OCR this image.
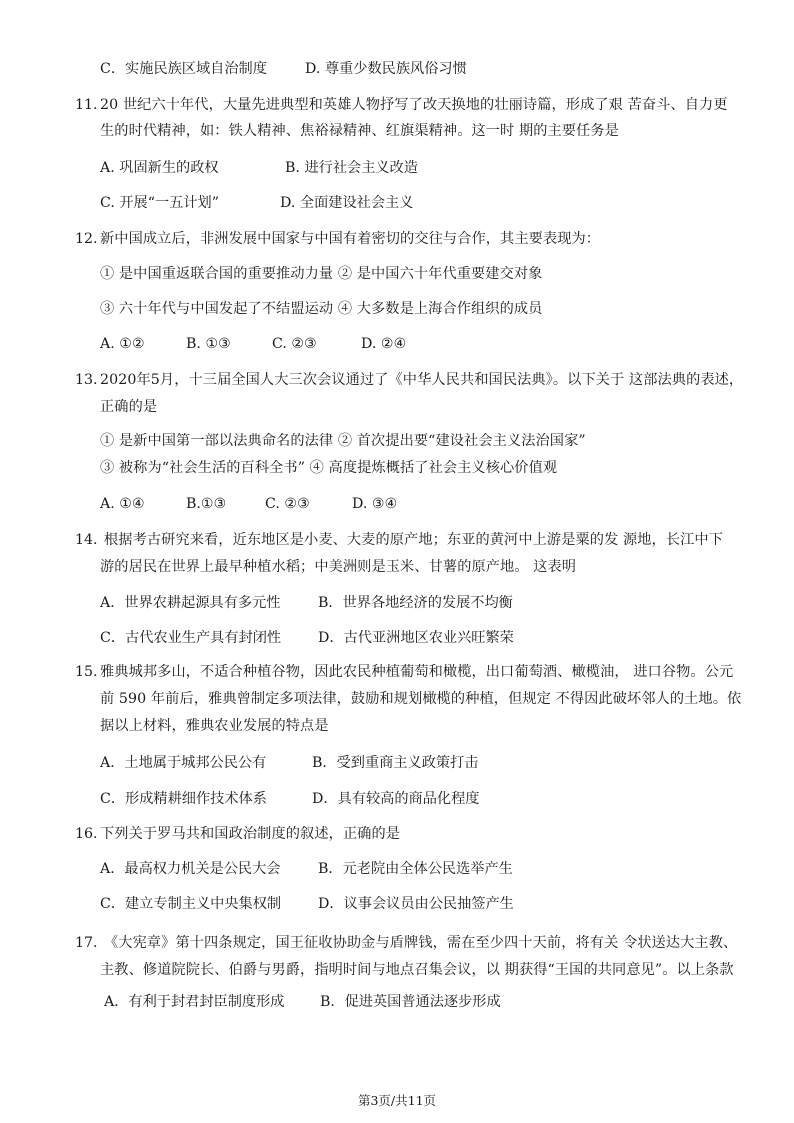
C．实施民族区域自治制度	D. 尊重少数民族风俗习惯
11. 20 世纪六十年代，大量先进典型和英雄人物抒写了改天换地的壮丽诗篇，形成了艰 苦奋斗、自力更
生的时代精神，如：铁人精神、焦裕禄精神、红旗渠精神。这一时 期的主要任务是
A. 巩固新生的政权	B. 进行社会主义改造
C. 开展“一五计划”	D. 全面建设社会主义
12. 新中国成立后，非洲发展中国家与中国有着密切的交往与合作，其主要表现为：
① 是中国重返联合国的重要推动力量 ② 是中国六十年代重要建交对象
③ 六十年代与中国发起了不结盟运动 ④ 大多数是上海合作组织的成员
A. ①②	B. ①③	C. ②③	D. ②④
13. 2020年5月，十三届全国人大三次会议通过了《中华人民共和国民法典》。以下关于 这部法典的表述，
正确的是
① 是新中国第一部以法典命名的法律 ② 首次提出要“建设社会主义法治国家”
③ 被称为“社会生活的百科全书” ④ 高度提炼概括了社会主义核心价值观
A. ①④	B.①③	C. ②③	D. ③④
14. 根据考古研究来看，近东地区是小麦、大麦的原产地；东亚的黄河中上游是粟的发 源地，长江中下
游的居民在世界上最早种植水稻；中美洲则是玉米、甘薯的原产地。 这表明
A．世界农耕起源具有多元性	B．世界各地经济的发展不均衡
C．古代农业生产具有封闭性	D．古代亚洲地区农业兴旺繁荣
15. 雅典城邦多山，不适合种植谷物，因此农民种植葡萄和橄榄，出口葡萄酒、橄榄油， 进口谷物。公元
前 590 年前后，雅典曾制定多项法律，鼓励和规划橄榄的种植，但规定 不得因此破坏邻人的土地。依
据以上材料，雅典农业发展的特点是
A．土地属于城邦公民公有	B．受到重商主义政策打击
C．形成精耕细作技术体系	D．具有较高的商品化程度
16. 下列关于罗马共和国政治制度的叙述，正确的是
A．最高权力机关是公民大会	B．元老院由全体公民选举产生
C．建立专制主义中央集权制	D．议事会议员由公民抽签产生
17. 《大宪章》第十四条规定，国王征收协助金与盾牌钱，需在至少四十天前，将有关 令状送达大主教、
主教、修道院院长、伯爵与男爵，指明时间与地点召集会议，以 期获得“王国的共同意见”。以上条款
A．有利于封君封臣制度形成	B．促进英国普通法逐步形成
第3页/共11页
